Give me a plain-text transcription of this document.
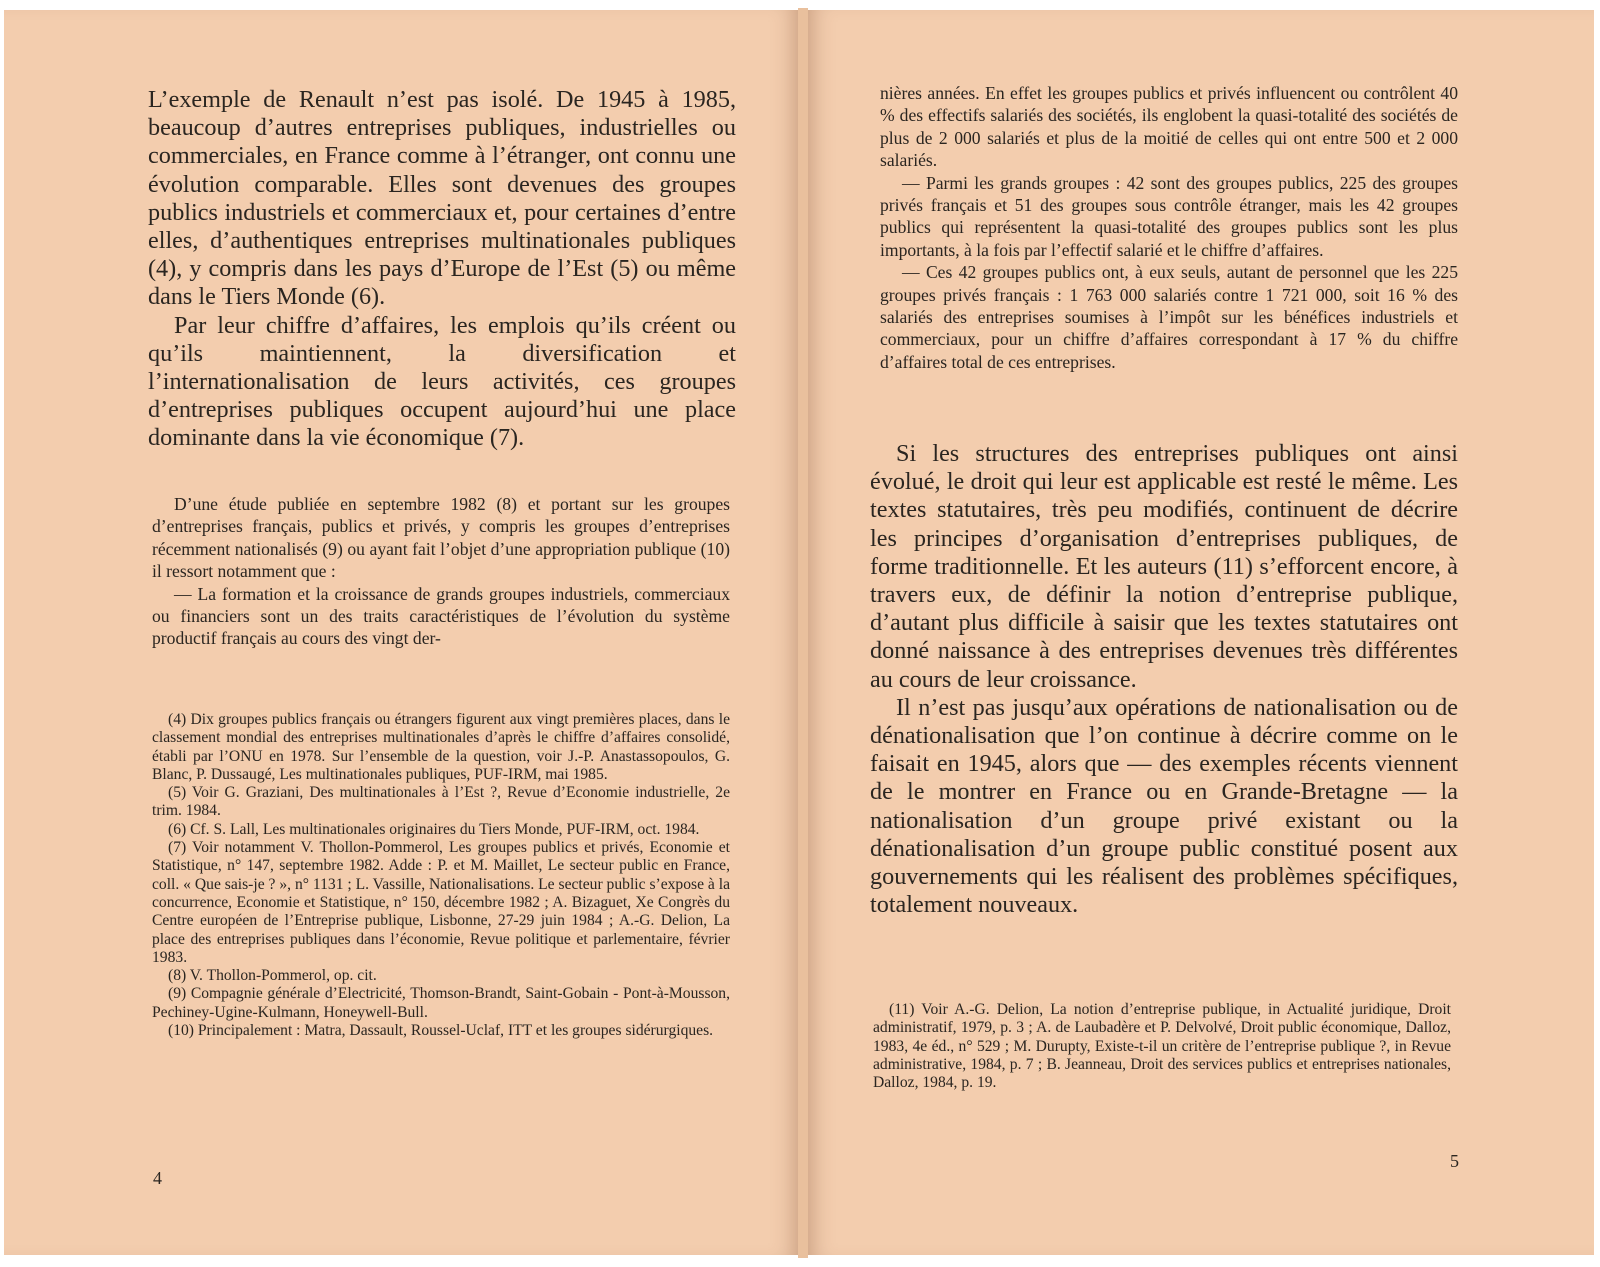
L’exemple de Renault n’est pas isolé. De 1945 à 1985, beaucoup d’autres entreprises publiques, industrielles ou commerciales, en France comme à l’étranger, ont connu une évolution comparable. Elles sont devenues des groupes publics industriels et commerciaux et, pour certaines d’entre elles, d’authentiques entreprises multinationales publiques (4), y compris dans les pays d’Europe de l’Est (5) ou même dans le Tiers Monde (6).

Par leur chiffre d’affaires, les emplois qu’ils créent ou qu’ils maintiennent, la diversification et l’internationalisation de leurs activités, ces groupes d’entreprises publiques occupent aujourd’hui une place dominante dans la vie économique (7).

D’une étude publiée en septembre 1982 (8) et portant sur les groupes d’entreprises français, publics et privés, y compris les groupes d’entreprises récemment nationalisés (9) ou ayant fait l’objet d’une appropriation publique (10) il ressort notamment que :

— La formation et la croissance de grands groupes industriels, commerciaux ou financiers sont un des traits caractéristiques de l’évolution du système productif français au cours des vingt der-

(4) Dix groupes publics français ou étrangers figurent aux vingt premières places, dans le classement mondial des entreprises multinationales d’après le chiffre d’affaires consolidé, établi par l’ONU en 1978. Sur l’ensemble de la question, voir J.-P. Anastassopoulos, G. Blanc, P. Dussaugé, Les multinationales publiques, PUF-IRM, mai 1985.

(5) Voir G. Graziani, Des multinationales à l’Est ?, Revue d’Economie industrielle, 2e trim. 1984.

(6) Cf. S. Lall, Les multinationales originaires du Tiers Monde, PUF-IRM, oct. 1984.

(7) Voir notamment V. Thollon-Pommerol, Les groupes publics et privés, Economie et Statistique, n° 147, septembre 1982. Adde : P. et M. Maillet, Le secteur public en France, coll. « Que sais-je ? », n° 1131 ; L. Vassille, Nationalisations. Le secteur public s’expose à la concurrence, Economie et Statistique, n° 150, décembre 1982 ; A. Bizaguet, Xe Congrès du Centre européen de l’Entreprise publique, Lisbonne, 27-29 juin 1984 ; A.-G. Delion, La place des entreprises publiques dans l’économie, Revue politique et parlementaire, février 1983.

(8) V. Thollon-Pommerol, op. cit.

(9) Compagnie générale d’Electricité, Thomson-Brandt, Saint-Gobain - Pont-à-Mousson, Pechiney-Ugine-Kulmann, Honeywell-Bull.

(10) Principalement : Matra, Dassault, Roussel-Uclaf, ITT et les groupes sidérurgiques.

4

nières années. En effet les groupes publics et privés influencent ou contrôlent 40 % des effectifs salariés des sociétés, ils englobent la quasi-totalité des sociétés de plus de 2 000 salariés et plus de la moitié de celles qui ont entre 500 et 2 000 salariés.

— Parmi les grands groupes : 42 sont des groupes publics, 225 des groupes privés français et 51 des groupes sous contrôle étranger, mais les 42 groupes publics qui représentent la quasi-totalité des groupes publics sont les plus importants, à la fois par l’effectif salarié et le chiffre d’affaires.

— Ces 42 groupes publics ont, à eux seuls, autant de personnel que les 225 groupes privés français : 1 763 000 salariés contre 1 721 000, soit 16 % des salariés des entreprises soumises à l’impôt sur les bénéfices industriels et commerciaux, pour un chiffre d’affaires correspondant à 17 % du chiffre d’affaires total de ces entreprises.

Si les structures des entreprises publiques ont ainsi évolué, le droit qui leur est applicable est resté le même. Les textes statutaires, très peu modifiés, continuent de décrire les principes d’organisation d’entreprises publiques, de forme traditionnelle. Et les auteurs (11) s’efforcent encore, à travers eux, de définir la notion d’entreprise publique, d’autant plus difficile à saisir que les textes statutaires ont donné naissance à des entreprises devenues très différentes au cours de leur croissance.

Il n’est pas jusqu’aux opérations de nationalisation ou de dénationalisation que l’on continue à décrire comme on le faisait en 1945, alors que — des exemples récents viennent de le montrer en France ou en Grande-Bretagne — la nationalisation d’un groupe privé existant ou la dénationalisation d’un groupe public constitué posent aux gouvernements qui les réalisent des problèmes spécifiques, totalement nouveaux.

(11) Voir A.-G. Delion, La notion d’entreprise publique, in Actualité juridique, Droit administratif, 1979, p. 3 ; A. de Laubadère et P. Delvolvé, Droit public économique, Dalloz, 1983, 4e éd., n° 529 ; M. Durupty, Existe-t-il un critère de l’entreprise publique ?, in Revue administrative, 1984, p. 7 ; B. Jeanneau, Droit des services publics et entreprises nationales, Dalloz, 1984, p. 19.

5
